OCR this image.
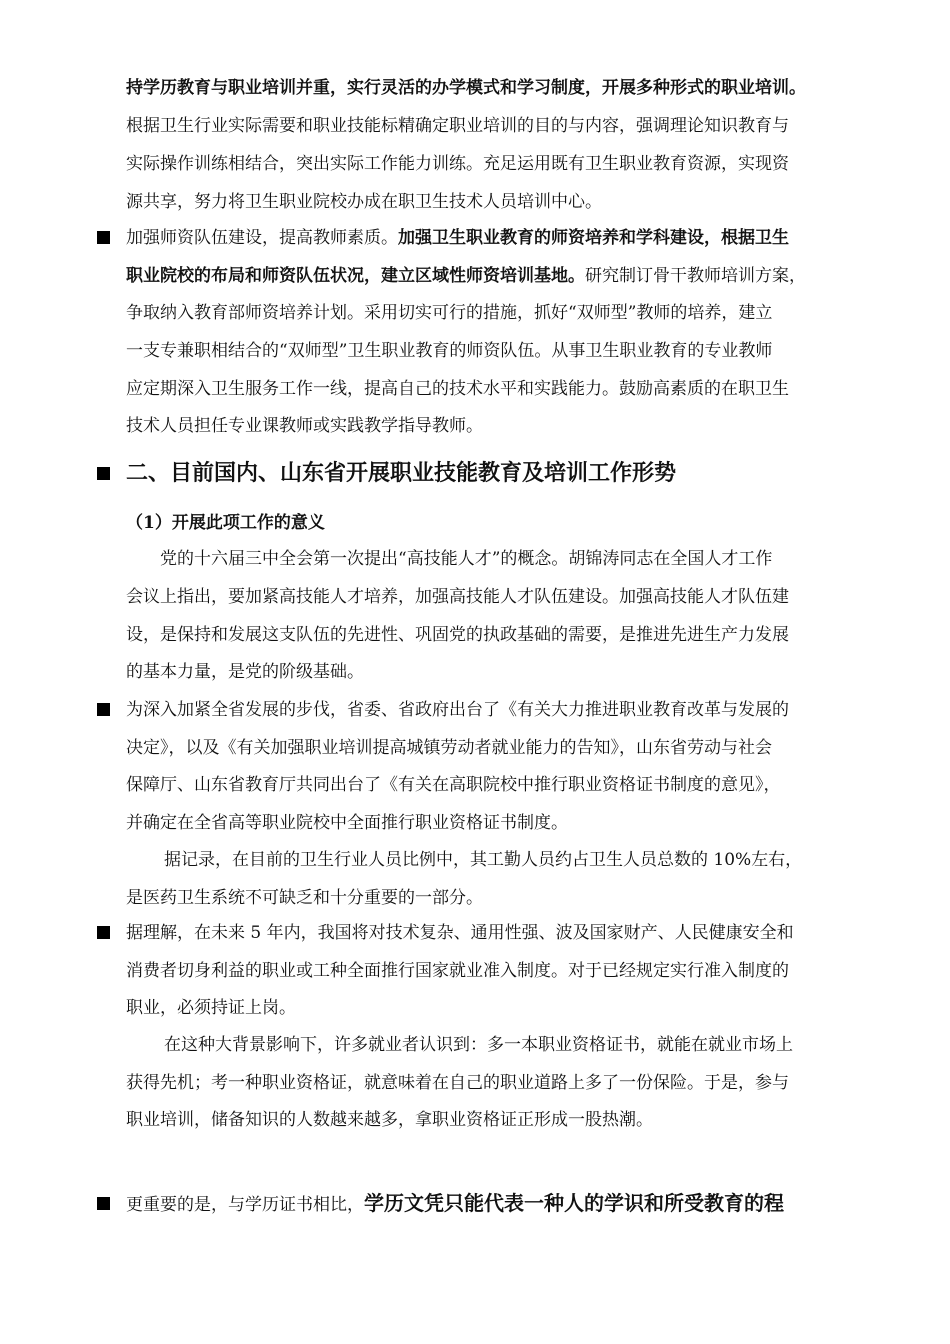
持学历教育与职业培训并重，实行灵活的办学模式和学习制度，开展多种形式的职业培训。
根据卫生行业实际需要和职业技能标精确定职业培训的目的与内容，强调理论知识教育与
实际操作训练相结合，突出实际工作能力训练。充足运用既有卫生职业教育资源，实现资
源共享，努力将卫生职业院校办成在职卫生技术人员培训中心。
加强师资队伍建设，提高教师素质。加强卫生职业教育的师资培养和学科建设，根据卫生
职业院校的布局和师资队伍状况，建立区域性师资培训基地。研究制订骨干教师培训方案，
争取纳入教育部师资培养计划。采用切实可行的措施，抓好“双师型”教师的培养，建立
一支专兼职相结合的“双师型”卫生职业教育的师资队伍。从事卫生职业教育的专业教师
应定期深入卫生服务工作一线，提高自己的技术水平和实践能力。鼓励高素质的在职卫生
技术人员担任专业课教师或实践教学指导教师。
二、目前国内、山东省开展职业技能教育及培训工作形势
（1）开展此项工作的意义
党的十六届三中全会第一次提出“高技能人才”的概念。胡锦涛同志在全国人才工作
会议上指出，要加紧高技能人才培养，加强高技能人才队伍建设。加强高技能人才队伍建
设，是保持和发展这支队伍的先进性、巩固党的执政基础的需要，是推进先进生产力发展
的基本力量，是党的阶级基础。
为深入加紧全省发展的步伐，省委、省政府出台了《有关大力推进职业教育改革与发展的
决定》，以及《有关加强职业培训提高城镇劳动者就业能力的告知》，山东省劳动与社会
保障厅、山东省教育厅共同出台了《有关在高职院校中推行职业资格证书制度的意见》，
并确定在全省高等职业院校中全面推行职业资格证书制度。
据记录，在目前的卫生行业人员比例中，其工勤人员约占卫生人员总数的 10%左右，
是医药卫生系统不可缺乏和十分重要的一部分。
据理解，在未来 5 年内，我国将对技术复杂、通用性强、波及国家财产、人民健康安全和
消费者切身利益的职业或工种全面推行国家就业准入制度。对于已经规定实行准入制度的
职业，必须持证上岗。
在这种大背景影响下，许多就业者认识到：多一本职业资格证书，就能在就业市场上
获得先机；考一种职业资格证，就意味着在自己的职业道路上多了一份保险。于是，参与
职业培训，储备知识的人数越来越多，拿职业资格证正形成一股热潮。
更重要的是，与学历证书相比，学历文凭只能代表一种人的学识和所受教育的程
